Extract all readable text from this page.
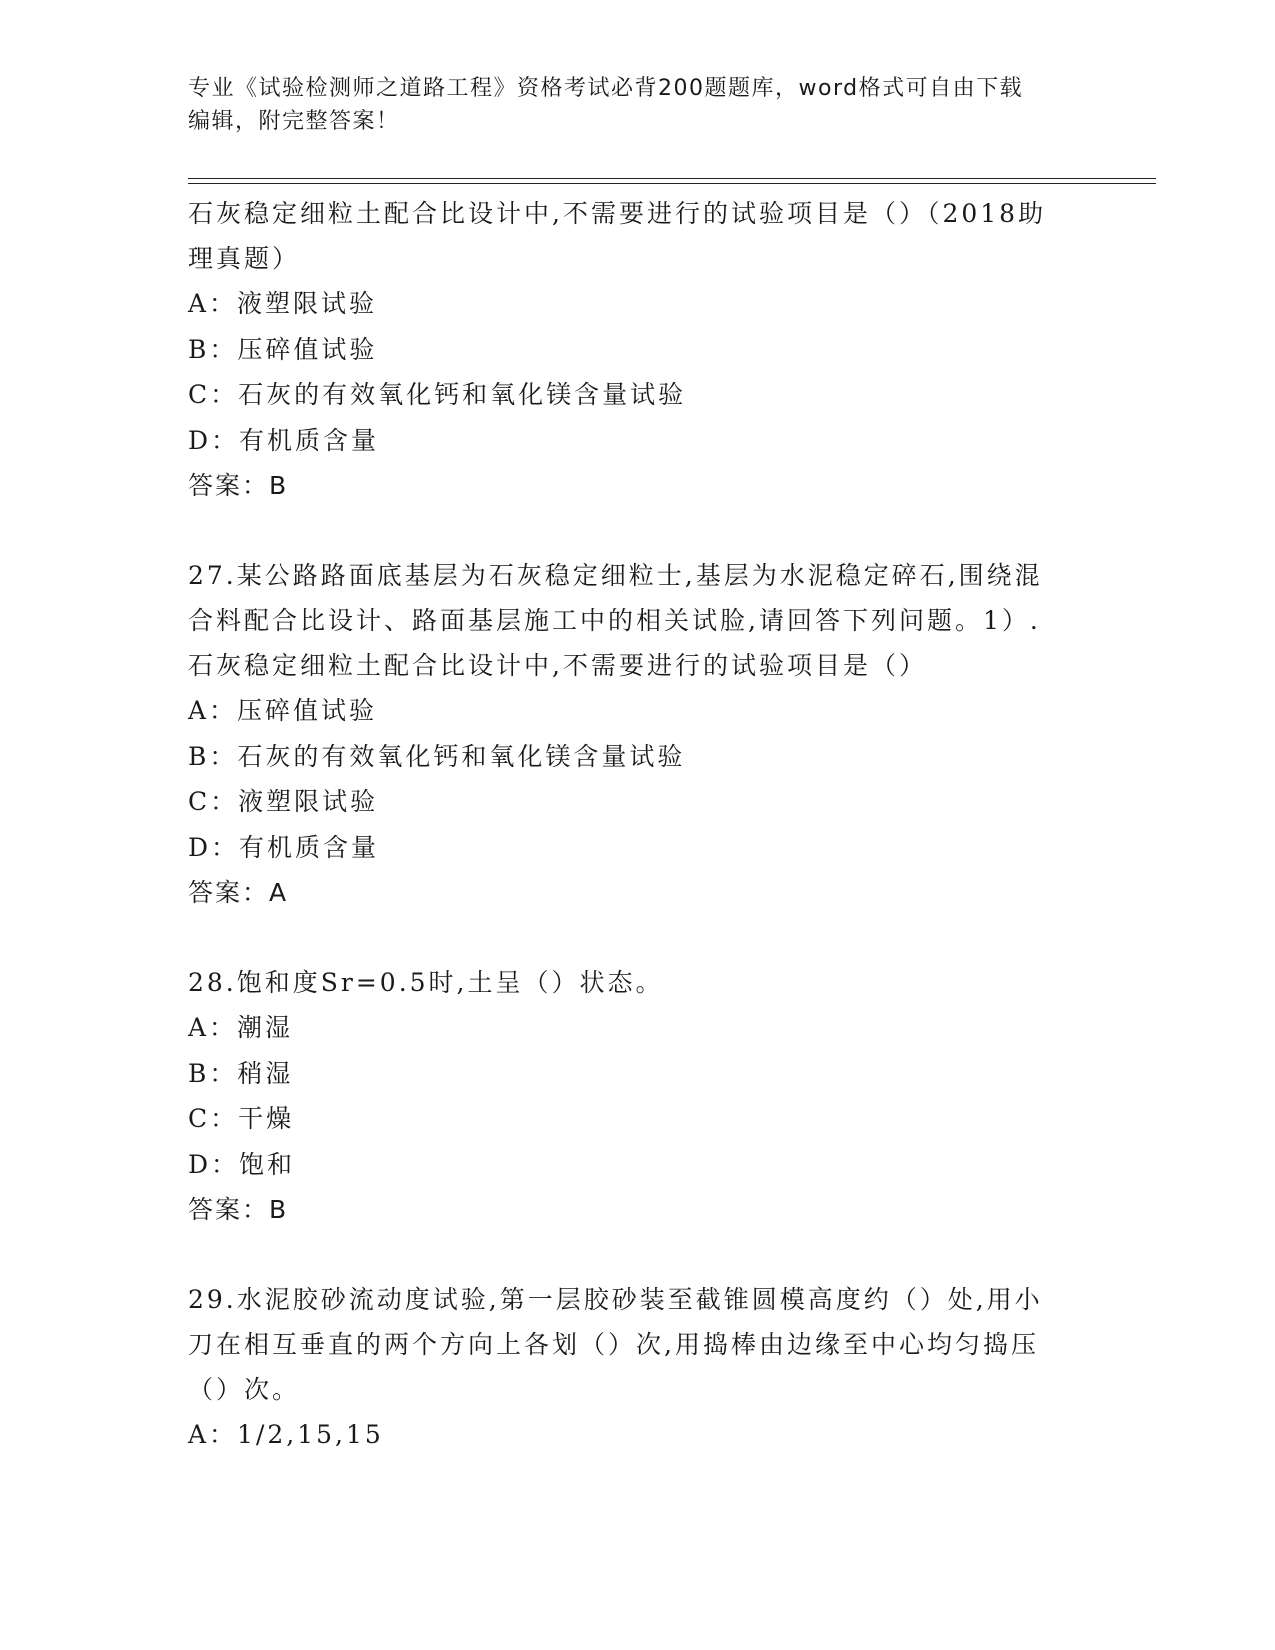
专业《试验检测师之道路工程》资格考试必背200题题库，word格式可自由下载
编辑，附完整答案！

石灰稳定细粒土配合比设计中,不需要进行的试验项目是（）（2018助

理真题）

A：液塑限试验

B：压碎值试验

C：石灰的有效氧化钙和氧化镁含量试验

D：有机质含量

答案：B

27.某公路路面底基层为石灰稳定细粒士,基层为水泥稳定碎石,围绕混

合料配合比设计、路面基层施工中的相关试脸,请回答下列问题。1）.

石灰稳定细粒土配合比设计中,不需要进行的试验项目是（）

A：压碎值试验

B：石灰的有效氧化钙和氧化镁含量试验

C：液塑限试验

D：有机质含量

答案：A

28.饱和度Sr=0.5时,土呈（）状态。

A：潮湿

B：稍湿

C：干燥

D：饱和

答案：B

29.水泥胶砂流动度试验,第一层胶砂装至截锥圆模高度约（）处,用小

刀在相互垂直的两个方向上各划（）次,用捣棒由边缘至中心均匀捣压

（）次。

A：1/2,15,15
